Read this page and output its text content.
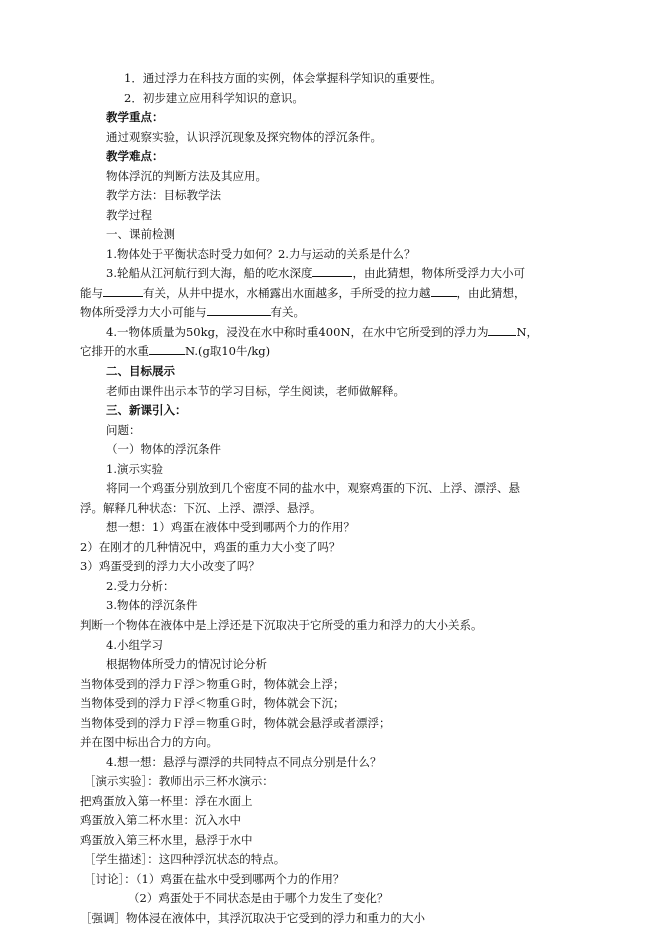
1．通过浮力在科技方面的实例，体会掌握科学知识的重要性。
2．初步建立应用科学知识的意识。
教学重点：
通过观察实验，认识浮沉现象及探究物体的浮沉条件。
教学难点：
物体浮沉的判断方法及其应用。
教学方法：目标教学法
教学过程
一、课前检测
1.物体处于平衡状态时受力如何？2.力与运动的关系是什么？
3.轮船从江河航行到大海，船的吃水深度	，由此猜想，物体所受浮力大小可
能与	有关，从井中提水，水桶露出水面越多，手所受的拉力越 ，由此猜想，
物体所受浮力大小可能与	有关。
4.一物体质量为50kg，浸没在水中称时重400N，在水中它所受到的浮力为 N，
它排开的水重	N.(g取10牛/kg)
二、目标展示
老师由课件出示本节的学习目标，学生阅读，老师做解释。
三、新课引入：
问题：
（一）物体的浮沉条件
1.演示实验
将同一个鸡蛋分别放到几个密度不同的盐水中，观察鸡蛋的下沉、上浮、漂浮、悬
浮。解释几种状态：下沉、上浮、漂浮、悬浮。
想一想：1）鸡蛋在液体中受到哪两个力的作用？
2）在刚才的几种情况中，鸡蛋的重力大小变了吗？
3）鸡蛋受到的浮力大小改变了吗？
2.受力分析：
3.物体的浮沉条件
判断一个物体在液体中是上浮还是下沉取决于它所受的重力和浮力的大小关系。
4.小组学习
根据物体所受力的情况讨论分析
当物体受到的浮力Ｆ浮＞物重Ｇ时，物体就会上浮；
当物体受到的浮力Ｆ浮＜物重Ｇ时，物体就会下沉；
当物体受到的浮力Ｆ浮＝物重Ｇ时，物体就会悬浮或者漂浮；
并在图中标出合力的方向。
4.想一想：悬浮与漂浮的共同特点不同点分别是什么？
［演示实验］：教师出示三杯水演示：
把鸡蛋放入第一杯里：浮在水面上
鸡蛋放入第二杯水里：沉入水中
鸡蛋放入第三杯水里，悬浮于水中
［学生描述］：这四种浮沉状态的特点。
［讨论］：（1）鸡蛋在盐水中受到哪两个力的作用？
（2）鸡蛋处于不同状态是由于哪个力发生了变化？
［强调］物体浸在液体中，其浮沉取决于它受到的浮力和重力的大小
